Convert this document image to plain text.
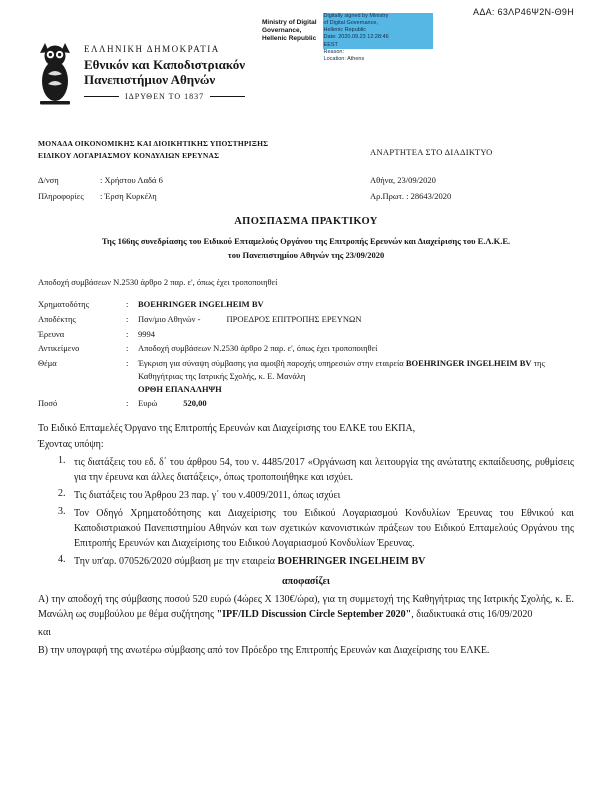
ΑΔΑ: 63ΛΡ46Ψ2Ν-Θ9Η
Ministry of Digital
Governance,
Hellenic Republic
Digitally signed by Ministry
of Digital Governance,
Hellenic Republic
Date: 2020.09.23 12:28:46
EEST
Reason:
Location: Athens
ΕΛΛΗΝΙΚΗ ΔΗΜΟΚΡΑΤΙΑ
Εθνικόν και Καποδιστριακόν
Πανεπιστήμιον Αθηνών
ΙΔΡΥΘΕΝ ΤΟ 1837
ΜΟΝΑΔΑ ΟΙΚΟΝΟΜΙΚΗΣ ΚΑΙ ΔΙΟΙΚΗΤΙΚΗΣ ΥΠΟΣΤΗΡΙΞΗΣ
ΕΙΔΙΚΟΥ ΛΟΓΑΡΙΑΣΜΟΥ ΚΟΝΔΥΛΙΩΝ ΕΡΕΥΝΑΣ	ΑΝΑΡΤΗΤΕΑ ΣΤΟ ΔΙΑΔΙΚΤΥΟ
Δ/νση	: Χρήστου Λαδά 6
Πληροφορίες	: Έρση Κυρκέλη
Αθήνα, 23/09/2020
Αρ.Πρωτ. : 28643/2020
ΑΠΟΣΠΑΣΜΑ ΠΡΑΚΤΙΚΟΥ
Της 166ης συνεδρίασης του Ειδικού Επταμελούς Οργάνου της Επιτροπής Ερευνών και Διαχείρισης του Ε.Λ.Κ.Ε.
του Πανεπιστημίου Αθηνών της 23/09/2020
Αποδοχή συμβάσεων Ν.2530 άρθρο 2 παρ. ε', όπως έχει τροποποιηθεί
Χρηματοδότης	:	BOEHRINGER INGELHEIM BV
Αποδέκτης	:	Παν/μιο Αθηνών -	ΠΡΟΕΔΡΟΣ ΕΠΙΤΡΟΠΗΣ ΕΡΕΥΝΩΝ
Έρευνα	:	9994
Αντικείμενο	:	Αποδοχή συμβάσεων Ν.2530 άρθρο 2 παρ. ε', όπως έχει τροποποιηθεί
Θέμα	:	Έγκριση για σύναψη σύμβασης για αμοιβή παροχής υπηρεσιών στην εταιρεία BOEHRINGER INGELHEIM BV της Καθηγήτριας της Ιατρικής Σχολής, κ. Ε. Μανάλη
ΟΡΘΗ ΕΠΑΝΑΛΗΨΗ
Ποσό	:	Ευρώ	520,00

Το Ειδικό Επταμελές Όργανο της Επιτροπής Ερευνών και Διαχείρισης του ΕΛΚΕ του ΕΚΠΑ,

Έχοντας υπόψη:

1. τις διατάξεις του εδ. δ΄ του άρθρου 54, του ν. 4485/2017 «Οργάνωση και λειτουργία της ανώτατης εκπαίδευσης, ρυθμίσεις για την έρευνα και άλλες διατάξεις», όπως τροποποιήθηκε και ισχύει.
2. Τις διατάξεις του Άρθρου 23 παρ. γ΄ του ν.4009/2011, όπως ισχύει
3. Τον Οδηγό Χρηματοδότησης και Διαχείρισης του Ειδικού Λογαριασμού Κονδυλίων Έρευνας του Εθνικού και Καποδιστριακού Πανεπιστημίου Αθηνών και των σχετικών κανονιστικών πράξεων του Ειδικού Επταμελούς Οργάνου της Επιτροπής Ερευνών και Διαχείρισης του Ειδικού Λογαριασμού Κονδυλίων Έρευνας.
4. Την υπ'αρ. 070526/2020 σύμβαση με την εταιρεία BOEHRINGER INGELHEIM BV
αποφασίζει

Α) την αποδοχή της σύμβασης ποσού 520 ευρώ (4ώρες Χ 130€/ώρα), για τη συμμετοχή της Καθηγήτριας της Ιατρικής Σχολής, κ. Ε. Μανώλη ως συμβούλου με θέμα συζήτησης "IPF/ILD Discussion Circle September 2020", διαδικτυακά στις 16/09/2020

και

Β) την υπογραφή της ανωτέρω σύμβασης από τον Πρόεδρο της Επιτροπής Ερευνών και Διαχείρισης του ΕΛΚΕ.
